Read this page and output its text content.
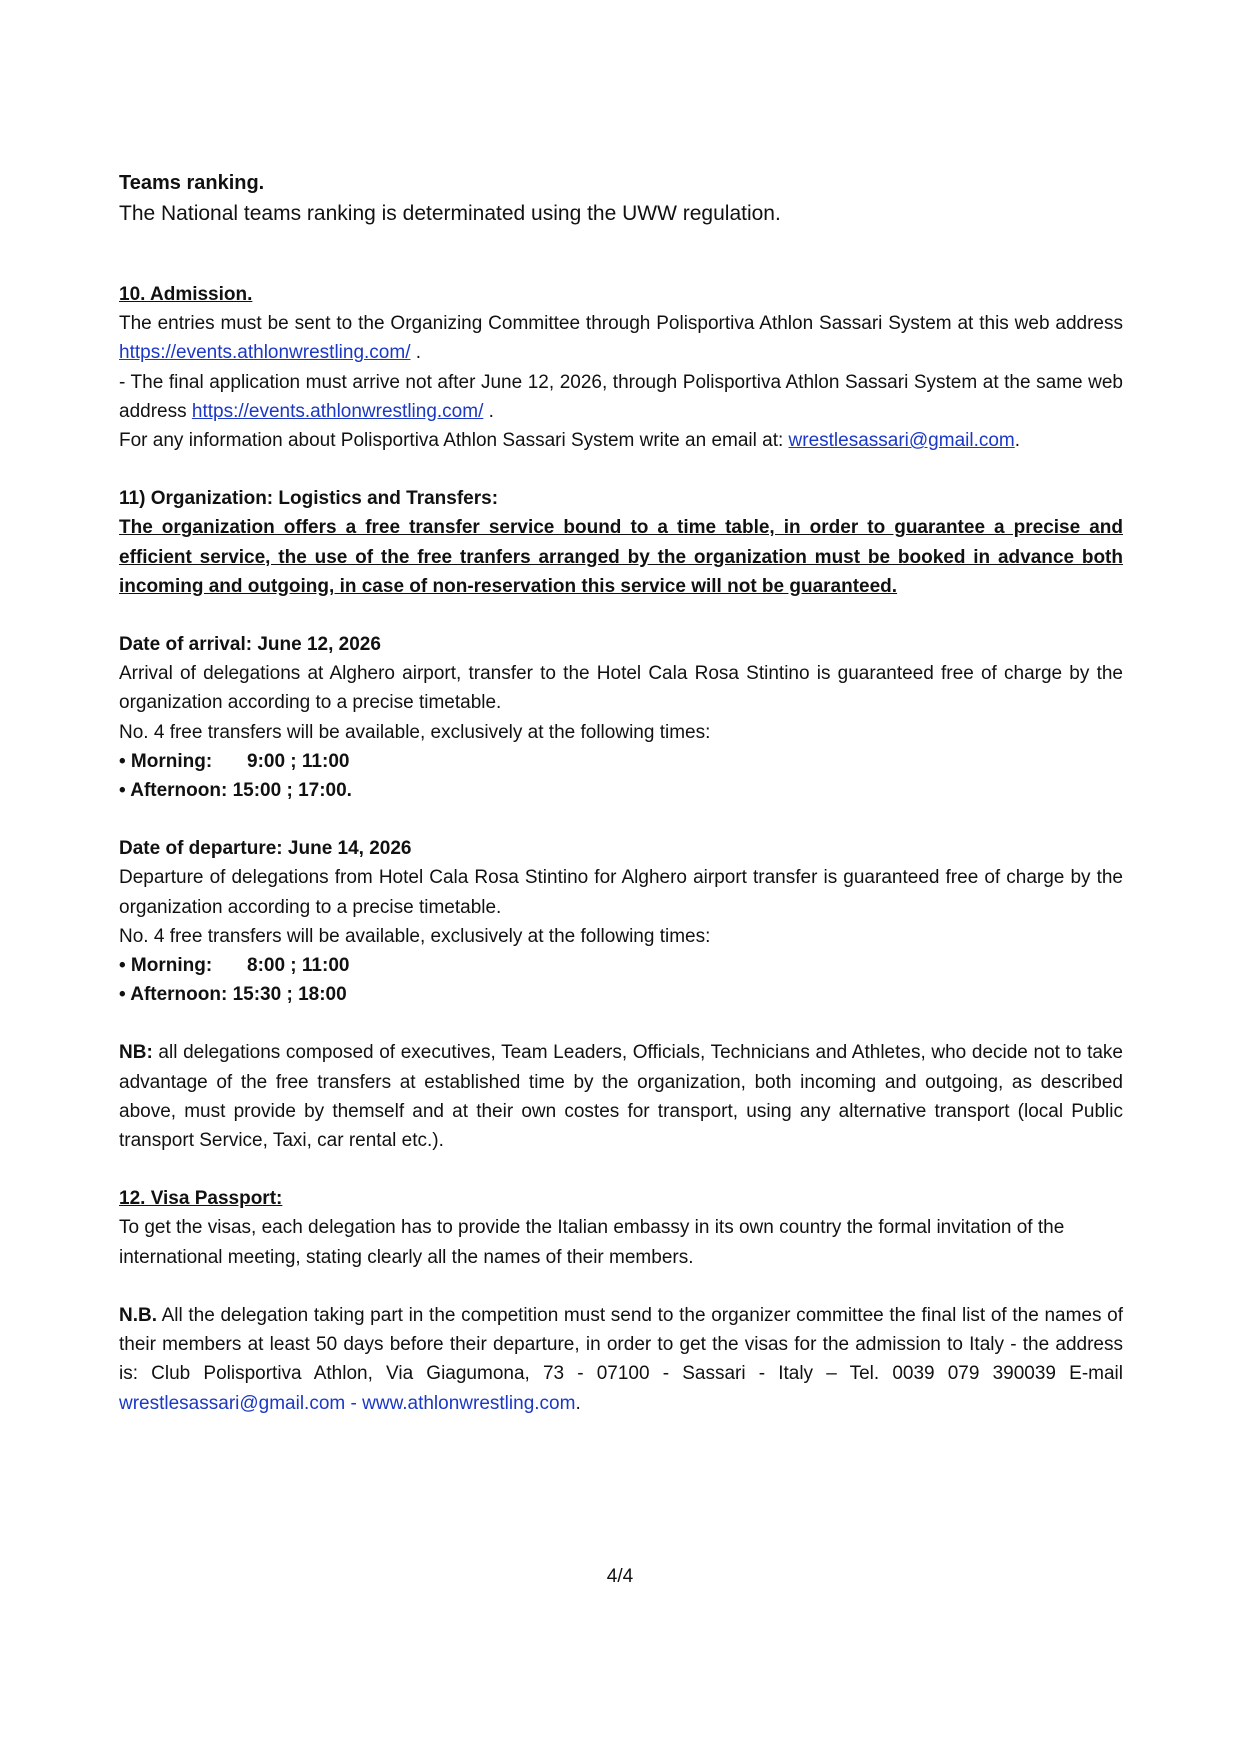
Teams ranking.

The National teams ranking is determinated using the UWW regulation.

10. Admission.

The entries must be sent to the Organizing Committee through Polisportiva Athlon Sassari System at this web address https://events.athlonwrestling.com/ .

- The final application must arrive not after June 12, 2026, through Polisportiva Athlon Sassari System at the same web address https://events.athlonwrestling.com/ .

For any information about Polisportiva Athlon Sassari System write an email at: wrestlesassari@gmail.com.

11) Organization: Logistics and Transfers:

The organization offers a free transfer service bound to a time table, in order to guarantee a precise and efficient service, the use of the free tranfers arranged by the organization must be booked in advance both incoming and outgoing, in case of non-reservation this service will not be guaranteed.

Date of arrival: June 12, 2026

Arrival of delegations at Alghero airport, transfer to the Hotel Cala Rosa Stintino is guaranteed free of charge by the organization according to a precise timetable.

No. 4 free transfers will be available, exclusively at the following times:

• Morning: 9:00 ; 11:00

• Afternoon: 15:00 ; 17:00.

Date of departure: June 14, 2026

Departure of delegations from Hotel Cala Rosa Stintino for Alghero airport transfer is guaranteed free of charge by the organization according to a precise timetable.

No. 4 free transfers will be available, exclusively at the following times:

• Morning: 8:00 ; 11:00

• Afternoon: 15:30 ; 18:00

NB: all delegations composed of executives, Team Leaders, Officials, Technicians and Athletes, who decide not to take advantage of the free transfers at established time by the organization, both incoming and outgoing, as described above, must provide by themself and at their own costes for transport, using any alternative transport (local Public transport Service, Taxi, car rental etc.).

12. Visa Passport:

To get the visas, each delegation has to provide the Italian embassy in its own country the formal invitation of the international meeting, stating clearly all the names of their members.

N.B. All the delegation taking part in the competition must send to the organizer committee the final list of the names of their members at least 50 days before their departure, in order to get the visas for the admission to Italy - the address is: Club Polisportiva Athlon, Via Giagumona, 73 - 07100 - Sassari - Italy – Tel. 0039 079 390039 E-mail wrestlesassari@gmail.com - www.athlonwrestling.com.

4/4
